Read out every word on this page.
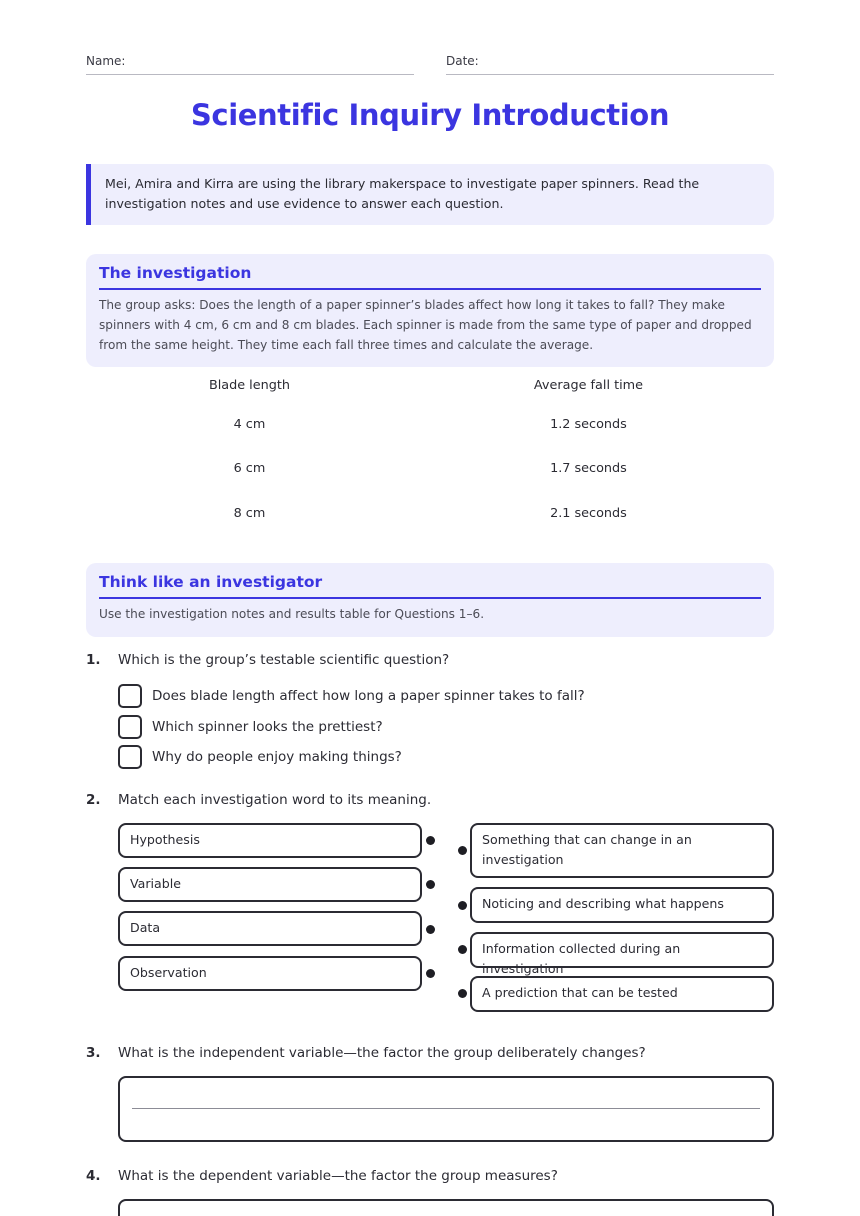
Name:	Date:
Scientific Inquiry Introduction
Mei, Amira and Kirra are using the library makerspace to investigate paper spinners. Read the investigation notes and use evidence to answer each question.
The investigation

The group asks: Does the length of a paper spinner’s blades affect how long it takes to fall? They make spinners with 4 cm, 6 cm and 8 cm blades. Each spinner is made from the same type of paper and dropped from the same height. They time each fall three times and calculate the average.

Blade length	Average fall time
4 cm	1.2 seconds
6 cm	1.7 seconds
8 cm	2.1 seconds
Think like an investigator

Use the investigation notes and results table for Questions 1–6.

1. Which is the group’s testable scientific question?
Does blade length affect how long a paper spinner takes to fall?
Which spinner looks the prettiest?
Why do people enjoy making things?
2. Match each investigation word to its meaning.
Hypothesis
Variable
Data
Observation
Something that can change in an investigation
Noticing and describing what happens
Information collected during an investigation
A prediction that can be tested
3. What is the independent variable—the factor the group deliberately changes?
4. What is the dependent variable—the factor the group measures?
